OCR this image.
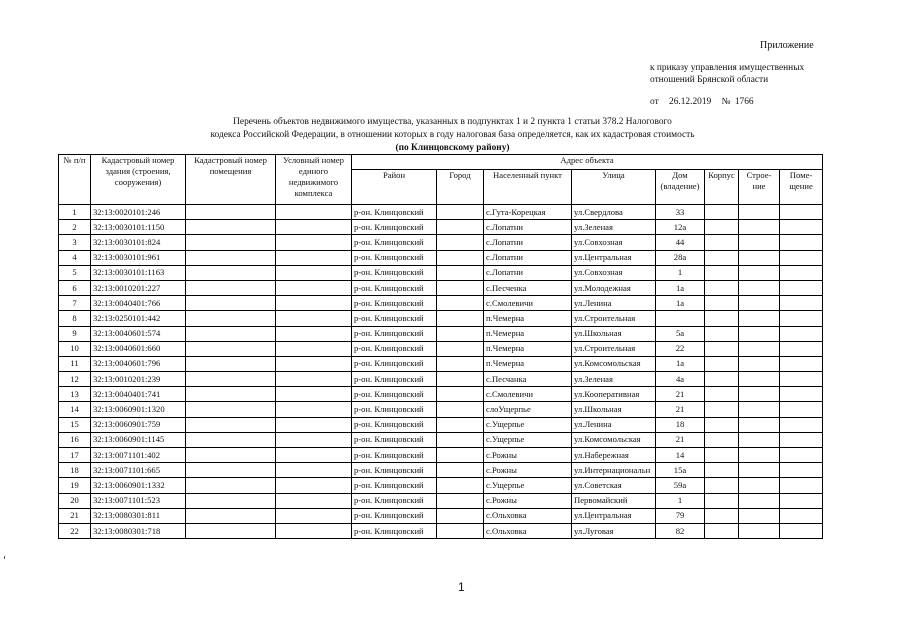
Приложение
к приказу управления имущественных
отношений Брянской области
от 26.12.2019 № 1766
Перечень объектов недвижимого имущества, указанных в подпунктах 1 и 2 пункта 1 статьи 378.2 Налогового
кодекса Российской Федерации, в отношении которых в году налоговая база определяется, как их кадастровая стоимость
(по Клинцовскому району)
№ п/п	Кадастровый номер здания (строения, сооружения)	Кадастровый номер помещения	Условный номер единого недвижимого комплекса	Адрес объекта							
				Район	Город	Населенный пункт	Улица	Дом (владение)	Корпус	Строе-ние	Поме-щение
1	32:13:0020101:246			р-он. Клинцовский		с.Гута-Корецкая	ул.Свердлова	33			
2	32:13:0030101:1150			р-он. Клинцовский		с.Лопатни	ул.Зеленая	12а			
3	32:13:0030101:824			р-он. Клинцовский		с.Лопатни	ул.Совхозная	44			
4	32:13:0030101:961			р-он. Клинцовский		с.Лопатни	ул.Центральная	28а			
5	32:13:0030101:1163			р-он. Клинцовский		с.Лопатни	ул.Совхозная	1			
6	32:13:0010201:227			р-он. Клинцовский		с.Песченка	ул.Молодежная	1а			
7	32:13:0040401:766			р-он. Клинцовский		с.Смолевичи	ул.Ленина	1а			
8	32:13:0250101:442			р-он. Клинцовский		п.Чемерна	ул.Строительная				
9	32:13:0040601:574			р-он. Клинцовский		п.Чемерна	ул.Школьная	5а			
10	32:13:0040601:660			р-он. Клинцовский		п.Чемерна	ул.Строительная	22			
11	32:13:0040601:796			р-он. Клинцовский		п.Чемерна	ул.Комсомольская	1а			
12	32:13:0010201:239			р-он. Клинцовский		с.Песчанка	ул.Зеленая	4а			
13	32:13:0040401:741			р-он. Клинцовский		с.Смолевичи	ул.Кооперативная	21			
14	32:13:0060901:1320			р-он. Клинцовский		слоУщерпье	ул.Школьная	21			
15	32:13:0060901:759			р-он. Клинцовский		с.Ущерпье	ул.Ленина	18			
16	32:13:0060901:1145			р-он. Клинцовский		с.Ущерпье	ул.Комсомольская	21			
17	32:13:0071101:402			р-он. Клинцовский		с.Рожны	ул.Набережная	14			
18	32:13:0071101:665			р-он. Клинцовский		с.Рожны	ул.Интернациональн	15а			
19	32:13:0060901:1332			р-он. Клинцовский		с.Ущерпье	ул.Советская	59а			
20	32:13:0071101:523			р-он. Клинцовский		с.Рожны	Первомайский	1			
21	32:13:0080301:811			р-он. Клинцовский		с.Ольховка	ул.Центральная	79			
22	32:13:0080301:718			р-он. Клинцовский		с.Ольховка	ул.Луговая	82			
1
